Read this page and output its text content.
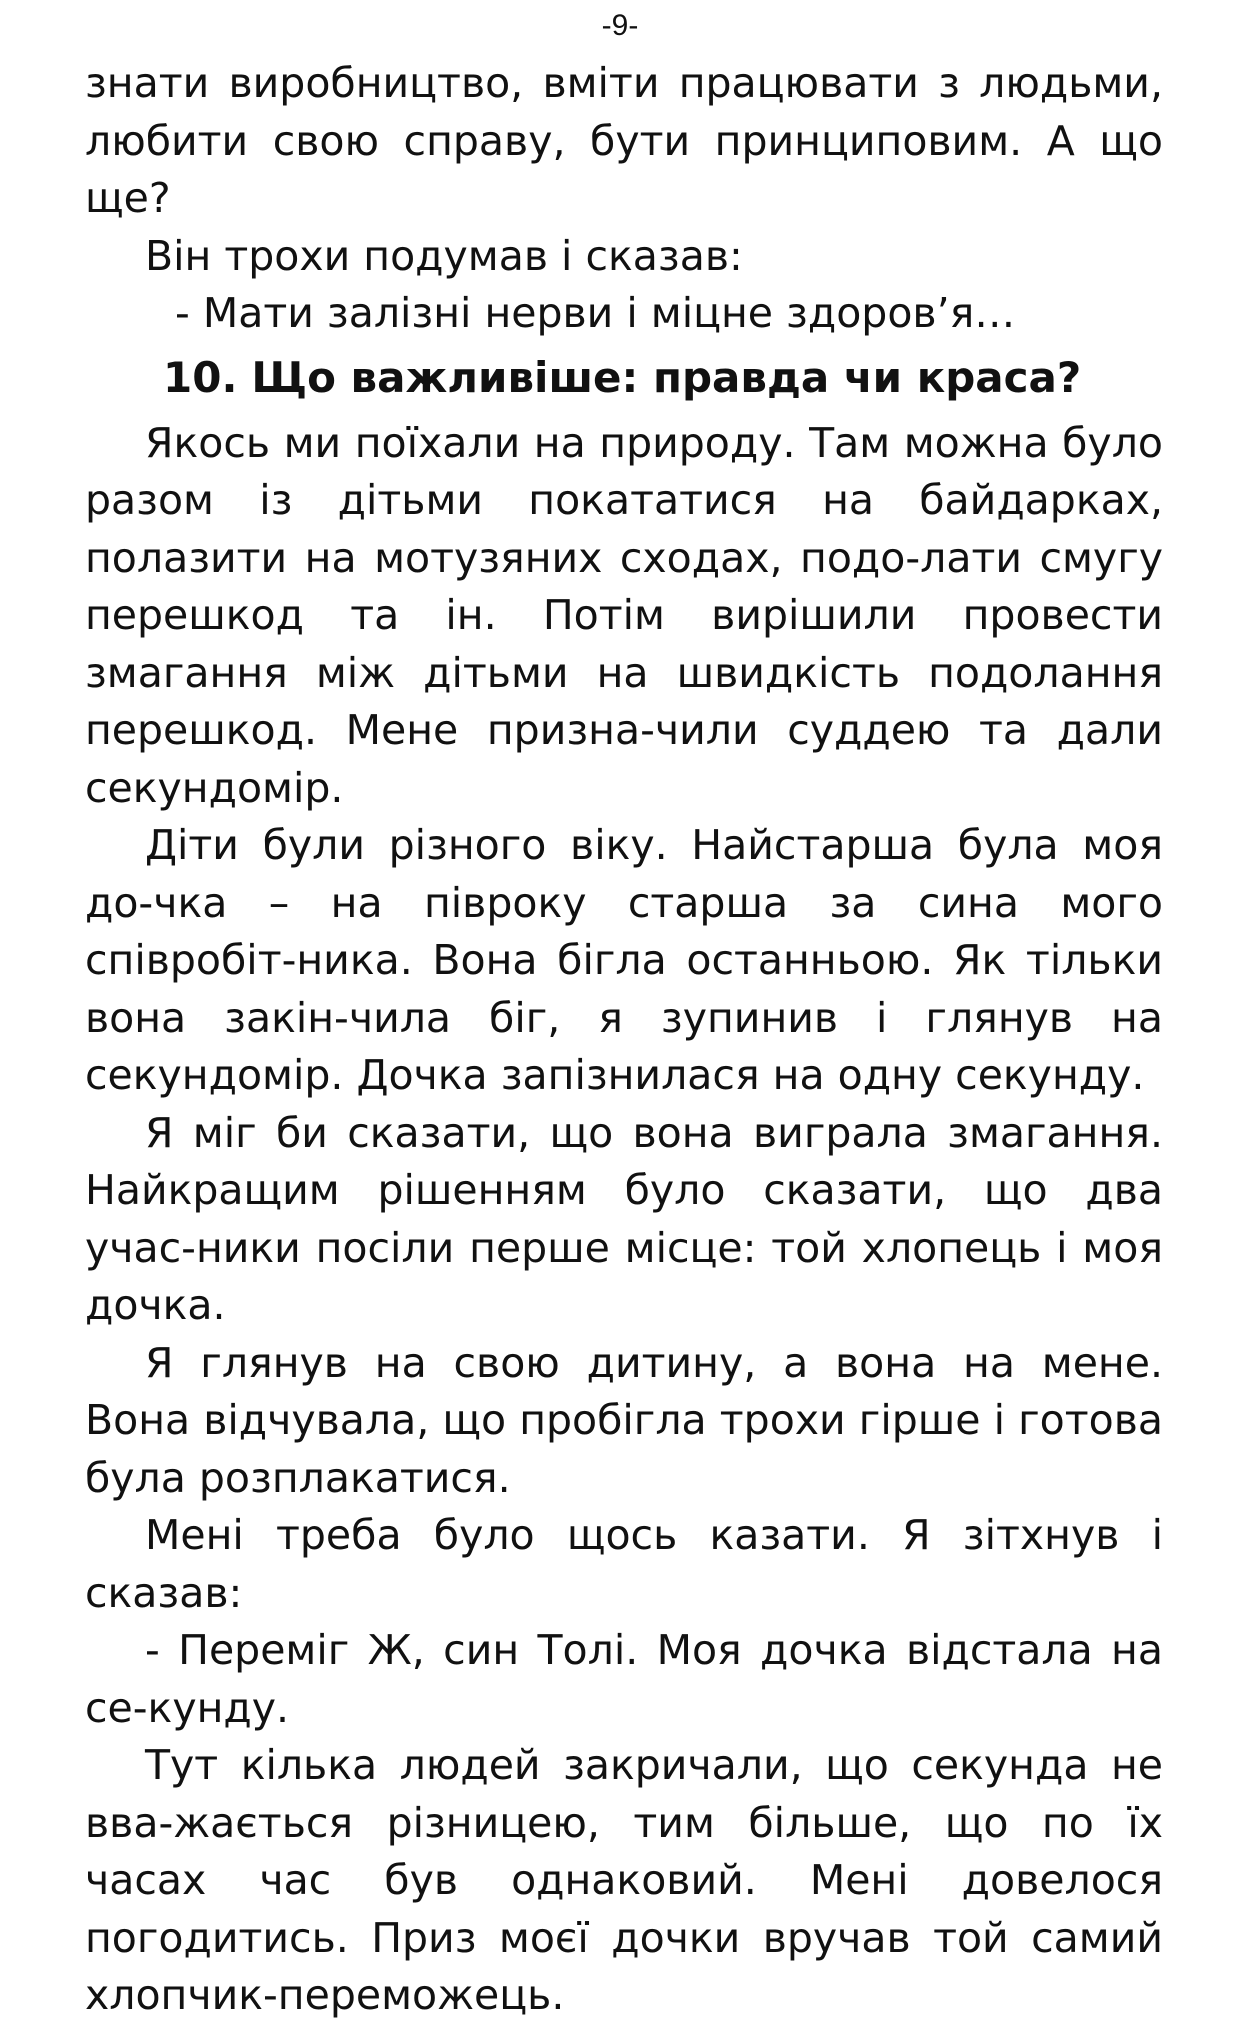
-9-

знати виробництво, вміти працювати з людьми, любити свою справу, бути принциповим. А що ще?

Він трохи подумав і сказав:

- Мати залізні нерви і міцне здоров’я…

10. Що важливіше: правда чи краса?

Якось ми поїхали на природу. Там можна було разом із дітьми покататися на байдарках, полазити на мотузяних сходах, подо-лати смугу перешкод та ін. Потім вирішили провести змагання між дітьми на швидкість подолання перешкод. Мене призна-чили суддею та дали секундомір.

Діти були різного віку. Найстарша була моя до-чка – на півроку старша за сина мого співробіт-ника. Вона бігла останньою. Як тільки вона закін-чила біг, я зупинив і глянув на секундомір. Дочка запізнилася на одну секунду.

Я міг би сказати, що вона виграла змагання. Найкращим рішенням було сказати, що два учас-ники посіли перше місце: той хлопець і моя дочка.

Я глянув на свою дитину, а вона на мене. Вона відчувала, що пробігла трохи гірше і готова була розплакатися.

Мені треба було щось казати. Я зітхнув і сказав:

- Переміг Ж, син Толі. Моя дочка відстала на се-кунду.

Тут кілька людей закричали, що секунда не вва-жається різницею, тим більше, що по їх часах час був однаковий. Мені довелося погодитись. Приз моєї дочки вручав той самий хлопчик-переможець.
